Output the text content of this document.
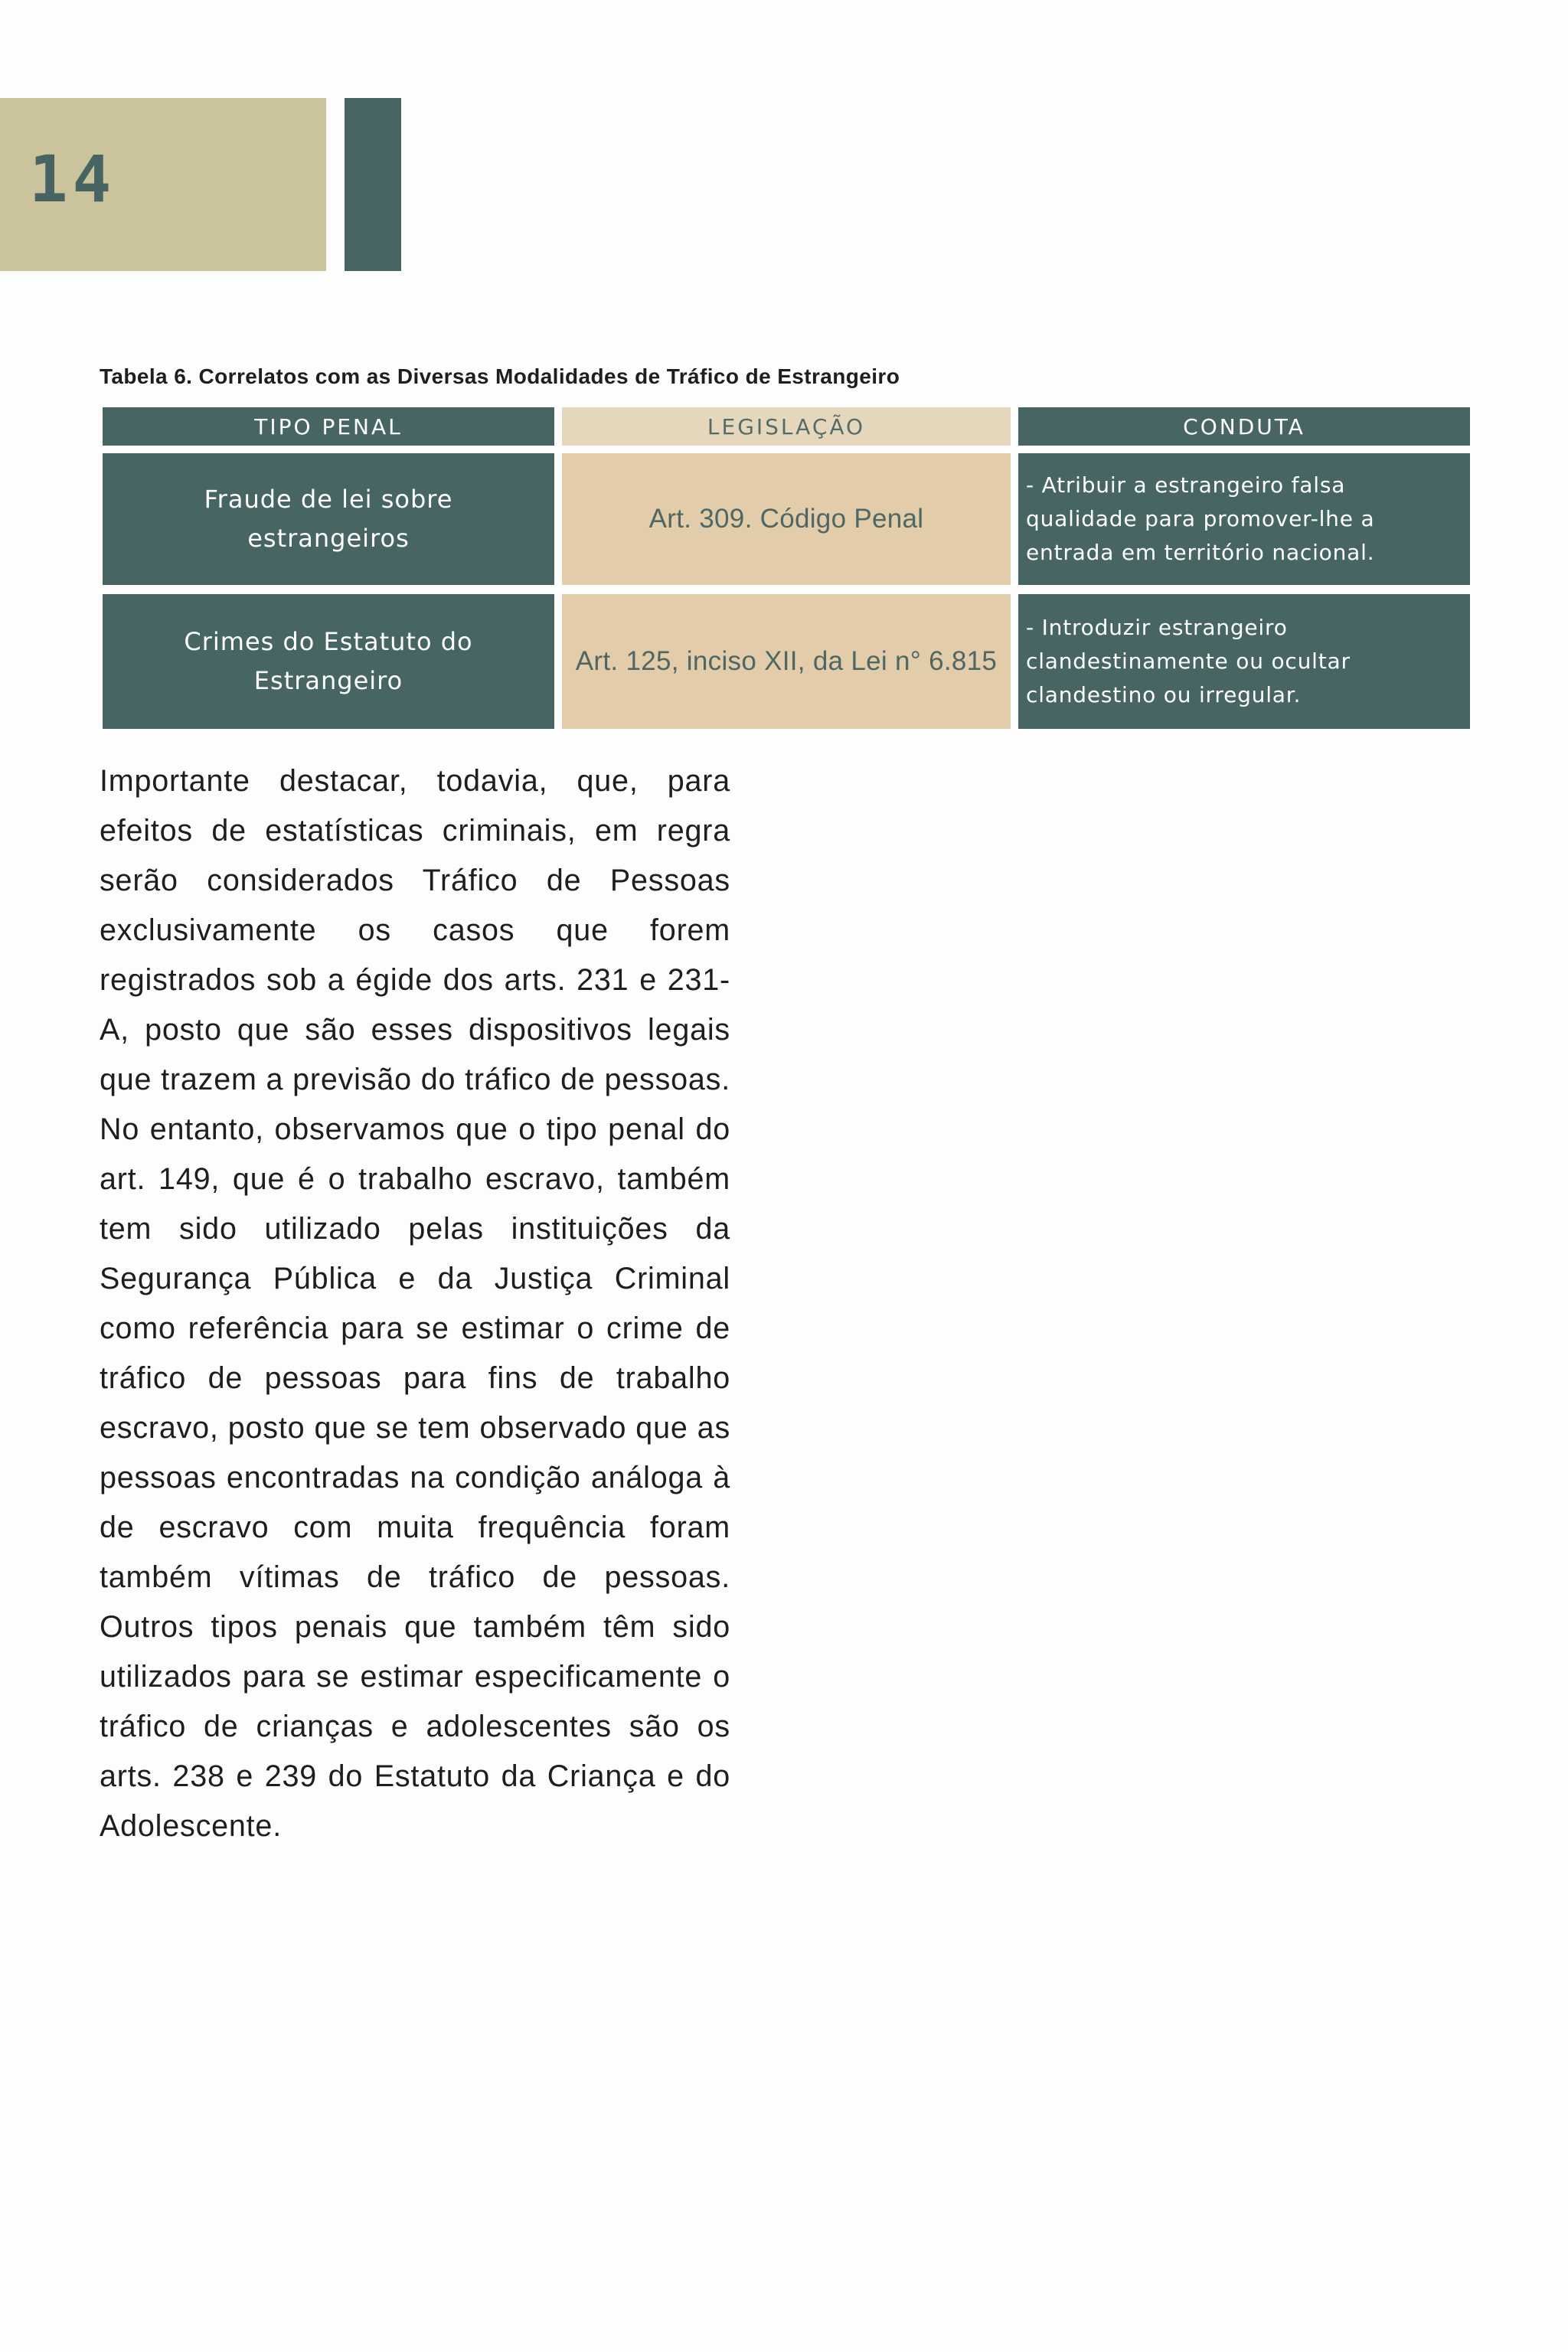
14
Tabela 6. Correlatos com as Diversas Modalidades de Tráfico de Estrangeiro
TIPO PENAL	LEGISLAÇÃO	CONDUTA
Fraude de lei sobre estrangeiros
Art. 309. Código Penal
- Atribuir a estrangeiro falsa qualidade para promover-lhe a entrada em território nacional.
Crimes do Estatuto do Estrangeiro
Art. 125, inciso XII, da Lei n° 6.815
- Introduzir estrangeiro clandestinamente ou ocultar clandestino ou irregular.

Importante destacar, todavia, que, para efeitos de estatísticas criminais, em regra serão considerados Tráfico de Pessoas exclusivamente os casos que forem registrados sob a égide dos arts. 231 e 231-A, posto que são esses dispositivos legais que trazem a previsão do tráfico de pessoas. No entanto, observamos que o tipo penal do art. 149, que é o trabalho escravo, também tem sido utilizado pelas instituições da Segurança Pública e da Justiça Criminal como referência para se estimar o crime de tráfico de pessoas para fins de trabalho escravo, posto que se tem observado que as pessoas encontradas na condição análoga à de escravo com muita frequência foram também vítimas de tráfico de pessoas. Outros tipos penais que também têm sido utilizados para se estimar especificamente o tráfico de crianças e adolescentes são os arts. 238 e 239 do Estatuto da Criança e do Adolescente.
